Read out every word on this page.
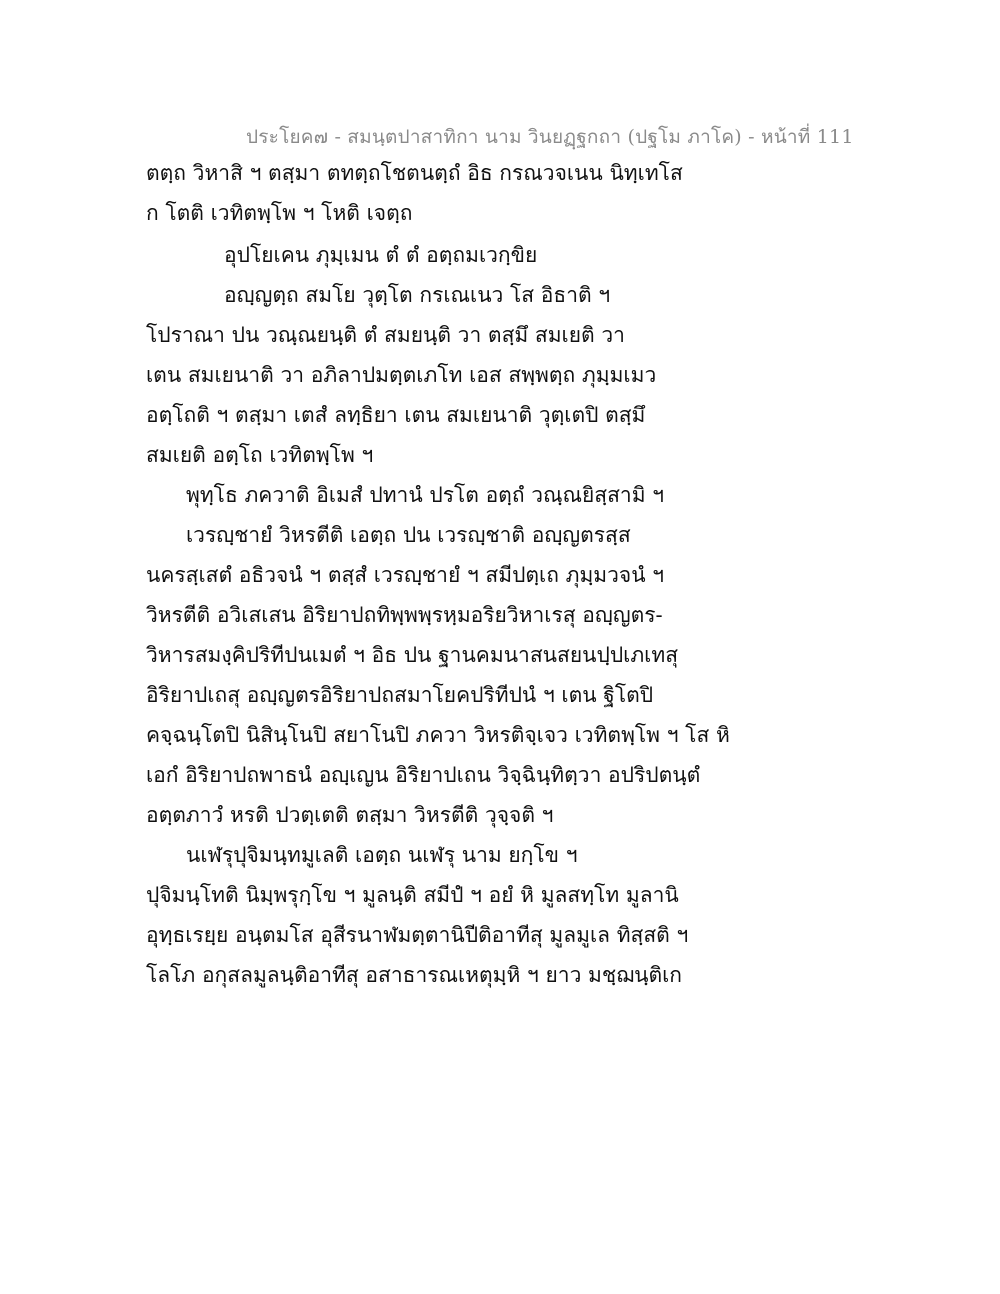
ประโยค๗ - สมนฺตปาสาทิกา นาม วินยฏฺฐกถา (ปฐโม ภาโค) - หน้าที่ 111
ตตฺถ วิหาสิ ฯ ตสฺมา ตทตฺถโชตนตฺถํ อิธ กรณวจเนน นิทฺเทโส
ก โตติ เวทิตพฺโพ ฯ โหติ เจตฺถ
อุปโยเคน ภุมฺเมน ตํ ตํ อตฺถมเวกฺขิย
อญฺญตฺถ สมโย วุตฺโต กรเณเนว โส อิธาติ ฯ
โปราณา ปน วณฺณยนฺติ ตํ สมยนฺติ วา ตสฺมึ สมเยติ วา
เตน สมเยนาติ วา อภิลาปมตฺตเภโท เอส สพฺพตฺถ ภุมฺมเมว
อตฺโถติ ฯ ตสฺมา เตสํ ลทฺธิยา เตน สมเยนาติ วุตฺเตปิ ตสฺมึ
สมเยติ อตฺโถ เวทิตพฺโพ ฯ
พุทฺโธ ภควาติ อิเมสํ ปทานํ ปรโต อตฺถํ วณฺณยิสฺสามิ ฯ
เวรญฺชายํ วิหรตีติ เอตฺถ ปน เวรญฺชาติ อญฺญตรสฺส
นครสฺเสตํ อธิวจนํ ฯ ตสฺสํ เวรญฺชายํ ฯ สมีปตฺเถ ภุมฺมวจนํ ฯ
วิหรตีติ อวิเสเสน อิริยาปถทิพฺพพฺรหฺมอริยวิหาเรสุ อญฺญตร-
วิหารสมงฺคิปริทีปนเมตํ ฯ อิธ ปน ฐานคมนาสนสยนปฺปเภเทสุ
อิริยาปเถสุ อญฺญตรอิริยาปถสมาโยคปริทีปนํ ฯ เตน ฐิโตปิ
คจฺฉนฺโตปิ นิสินฺโนปิ สยาโนปิ ภควา วิหรติจฺเจว เวทิตพฺโพ ฯ โส หิ
เอกํ อิริยาปถพาธนํ อญฺเญน อิริยาปเถน วิจฺฉินฺทิตฺวา อปริปตนฺตํ
อตฺตภาวํ หรติ ปวตฺเตติ ตสฺมา วิหรตีติ วุจฺจติ ฯ
นเฬรุปุจิมนฺทมูเลติ เอตฺถ นเฬรุ นาม ยกฺโข ฯ
ปุจิมนฺโทติ นิมฺพรุกฺโข ฯ มูลนฺติ สมีปํ ฯ อยํ หิ มูลสทฺโท มูลานิ
อุทฺธเรยฺย อนฺตมโส อุสีรนาฬมตฺตานิปีติอาทีสุ มูลมูเล ทิสฺสติ ฯ
โลโภ อกุสลมูลนฺติอาทีสุ อสาธารณเหตุมฺหิ ฯ ยาว มชฺฌนฺติเก
